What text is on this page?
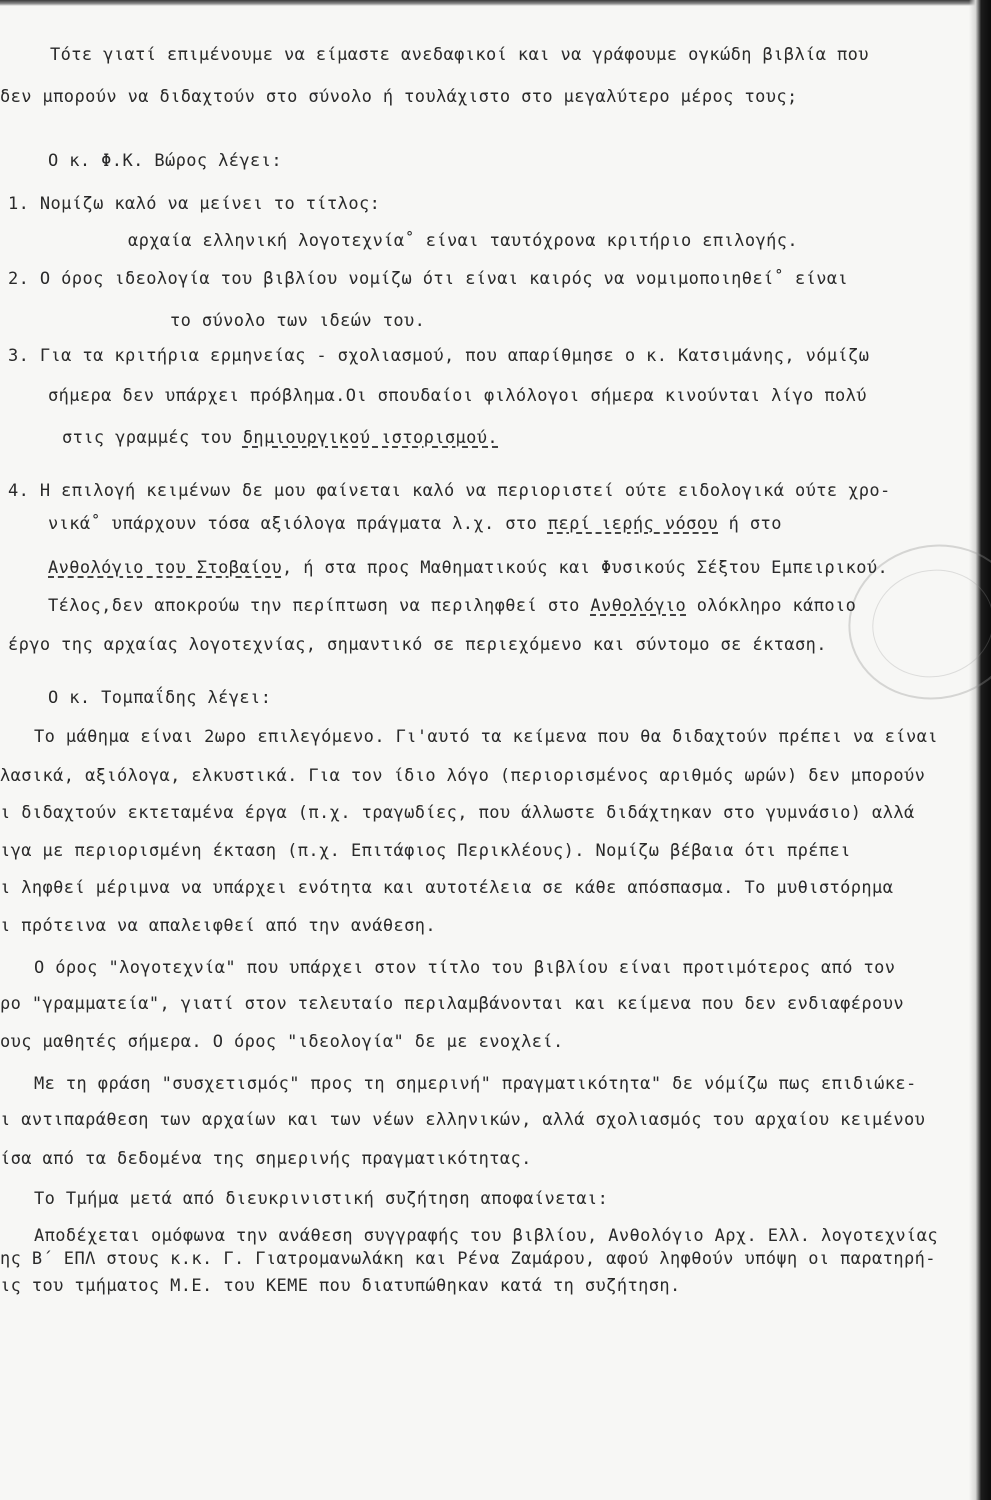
Τότε γιατί επιμένουμε να είμαστε ανεδαφικοί και να γράφουμε ογκώδη βιβλία που
δεν μπορούν να διδαχτούν στο σύνολο ή τουλάχιστο στο μεγαλύτερο μέρος τους;
Ο κ. Φ.Κ. Βώρος λέγει:
1. Νομίζω καλό να μείνει το τίτλος:
αρχαία ελληνική λογοτεχνία˚ είναι ταυτόχρονα κριτήριο επιλογής.
2. Ο όρος ιδεολογία του βιβλίου νομίζω ότι είναι καιρός να νομιμοποιηθεί˚ είναι
το σύνολο των ιδεών του.
3. Για τα κριτήρια ερμηνείας - σχολιασμού, που απαρίθμησε ο κ. Κατσιμάνης, νόμίζω
σήμερα δεν υπάρχει πρόβλημα.Οι σπουδαίοι φιλόλογοι σήμερα κινούνται λίγο πολύ
στις γραμμές του δημιουργικού ιστορισμού.
4. Η επιλογή κειμένων δε μου φαίνεται καλό να περιοριστεί ούτε ειδολογικά ούτε χρο-
νικά˚ υπάρχουν τόσα αξιόλογα πράγματα λ.χ. στο περί ιερής νόσου ή στο
Ανθολόγιο του Στοβαίου, ή στα προς Μαθηματικούς και Φυσικούς Σέξτου Εμπειρικού.
Τέλος,δεν αποκρούω την περίπτωση να περιληφθεί στο Ανθολόγιο ολόκληρο κάποιο
έργο της αρχαίας λογοτεχνίας, σημαντικό σε περιεχόμενο και σύντομο σε έκταση.
Ο κ. Τομπαΐδης λέγει:
Το μάθημα είναι 2ωρο επιλεγόμενο. Γι'αυτό τα κείμενα που θα διδαχτούν πρέπει να είναι
λασικά, αξιόλογα, ελκυστικά. Για τον ίδιο λόγο (περιορισμένος αριθμός ωρών) δεν μπορούν
ι διδαχτούν εκτεταμένα έργα (π.χ. τραγωδίες, που άλλωστε διδάχτηκαν στο γυμνάσιο) αλλά
ιγα με περιορισμένη έκταση (π.χ. Επιτάφιος Περικλέους). Νομίζω βέβαια ότι πρέπει
ι ληφθεί μέριμνα να υπάρχει ενότητα και αυτοτέλεια σε κάθε απόσπασμα. Το μυθιστόρημα
ι πρότεινα να απαλειφθεί από την ανάθεση.
Ο όρος "λογοτεχνία" που υπάρχει στον τίτλο του βιβλίου είναι προτιμότερος από τον
ρο "γραμματεία", γιατί στον τελευταίο περιλαμβάνονται και κείμενα που δεν ενδιαφέρουν
ους μαθητές σήμερα. Ο όρος "ιδεολογία" δε με ενοχλεί.
Με τη φράση "συσχετισμός" προς τη σημερινή" πραγματικότητα" δε νόμίζω πως επιδιώκε-
ι αντιπαράθεση των αρχαίων και των νέων ελληνικών, αλλά σχολιασμός του αρχαίου κειμένου
ίσα από τα δεδομένα της σημερινής πραγματικότητας.
Το Τμήμα μετά από διευκρινιστική συζήτηση αποφαίνεται:
Αποδέχεται ομόφωνα την ανάθεση συγγραφής του βιβλίου, Ανθολόγιο Αρχ. Ελλ. λογοτεχνίας
ης Β΄ ΕΠΛ στους κ.κ. Γ. Γιατρομανωλάκη και Ρένα Ζαμάρου, αφού ληφθούν υπόψη οι παρατηρή-
ις του τμήματος Μ.Ε. του ΚΕΜΕ που διατυπώθηκαν κατά τη συζήτηση.
